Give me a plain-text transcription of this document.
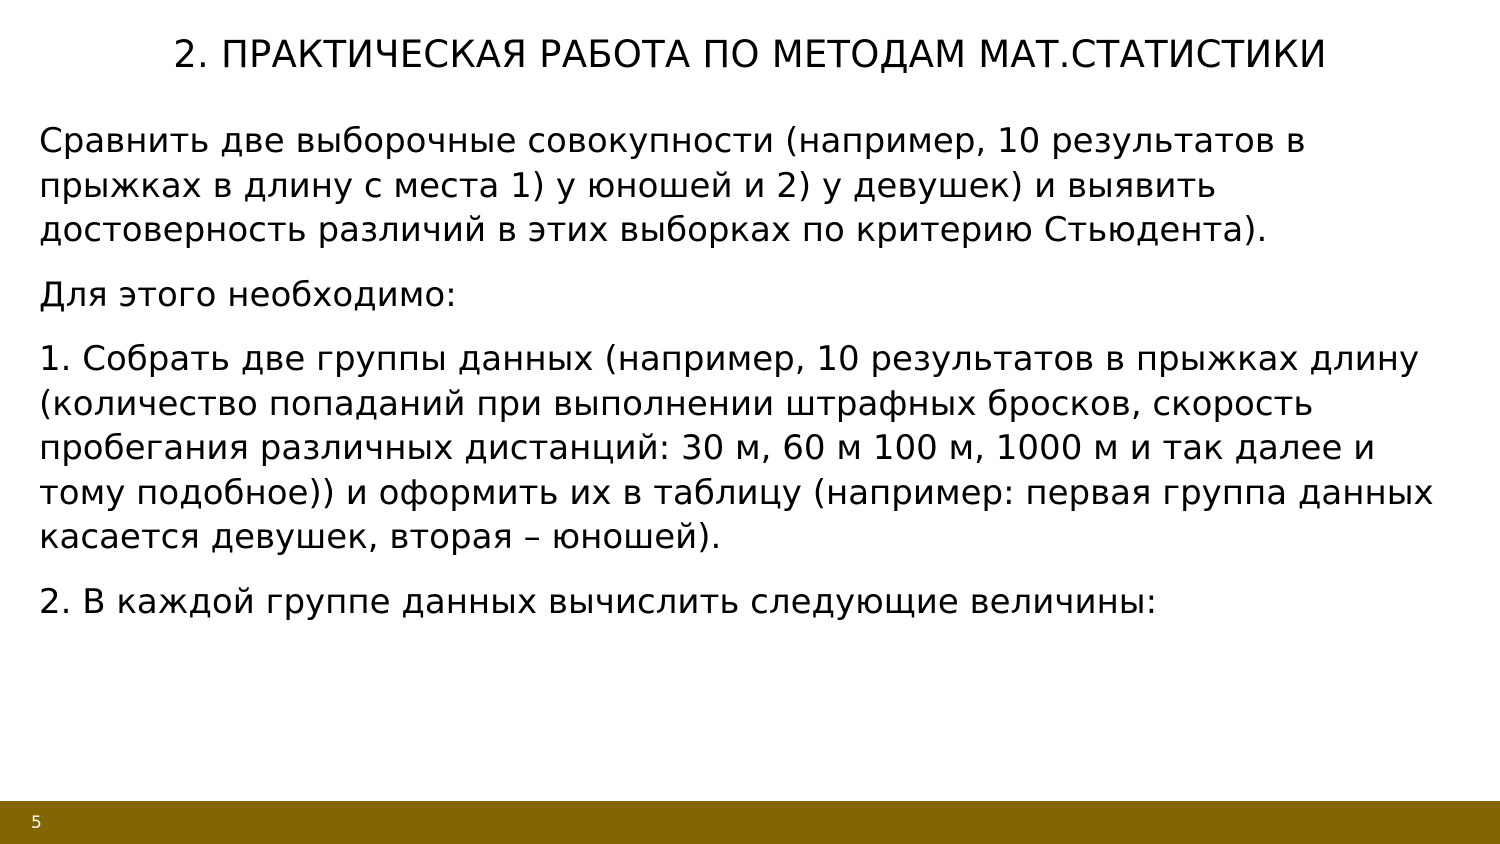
2. ПРАКТИЧЕСКАЯ РАБОТА ПО МЕТОДАМ МАТ.СТАТИСТИКИ

Сравнить две выборочные совокупности (например, 10 результатов в прыжках в длину с места 1) у юношей и 2) у девушек) и выявить достоверность различий в этих выборках по критерию Стьюдента).

Для этого необходимо:

1. Собрать две группы данных (например, 10 результатов в прыжках длину (количество попаданий при выполнении штрафных бросков, скорость пробегания различных дистанций: 30 м, 60 м 100 м, 1000 м и так далее и тому подобное)) и оформить их в таблицу (например: первая группа данных касается девушек, вторая – юношей).

2. В каждой группе данных вычислить следующие величины:

5
